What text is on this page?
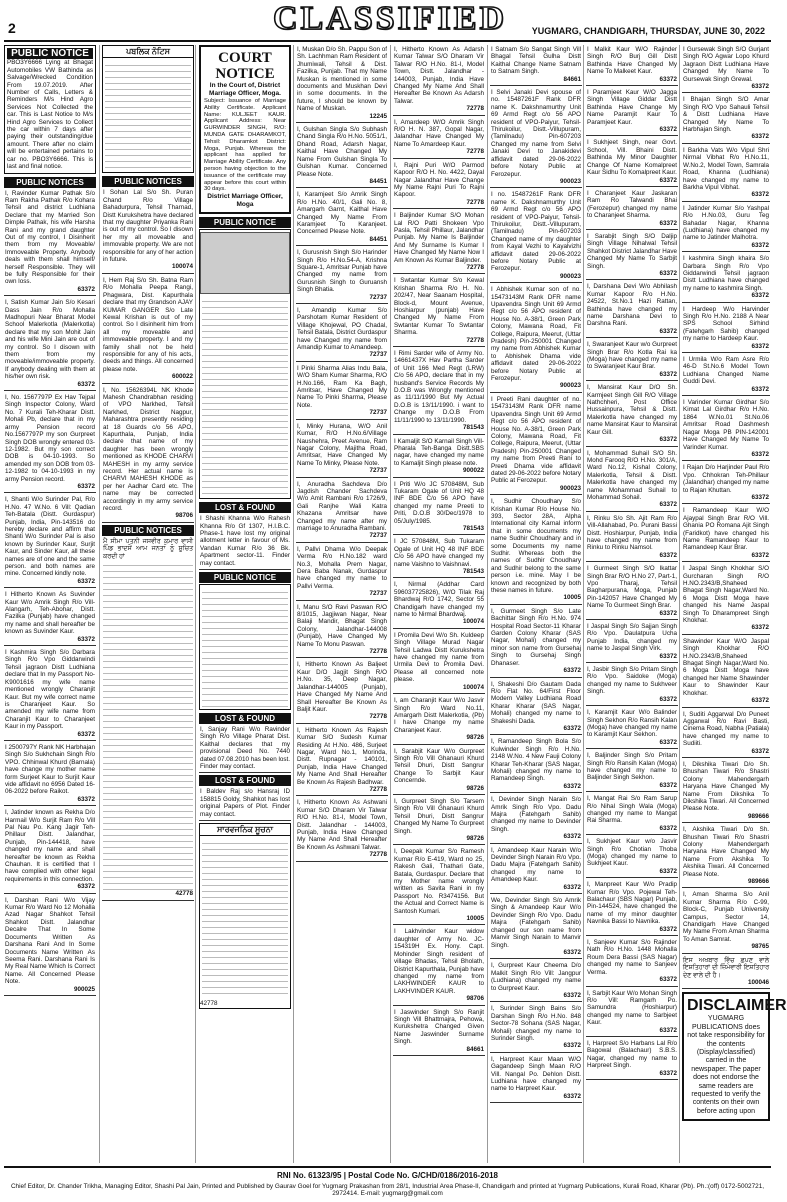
2	CLASSIFIED	YUGMARG, CHANDIGARH, THURSDAY, JUNE 30, 2022
PUBLIC NOTICE
PBO3Y6666 Lying at Bhagat Automobiles VW Bathinda as Salvage/Wrecked Condition From 19.07.2019. After Number of Calls, Letters & Reminders M/s Hind Agro Services Not Collected the car. This is Last Notice to M/s Hind Agro Services to Collect the car within 7 days after paying their outstanding/due amount. There after no claim will be entertained pertains to car no. PBO3Y6666. This is last and final notice.
PUBLIC NOTICES
I, Ravinder Kumar Pathak S/o Ram Rakha Pathak R/o Kohara Tehsil and district Ludhiana Declare that my Married Son Dimple Pathak, his wife Harsha Rani and my grand daughter Out of my control, I Disinherit them from my Moveable/ Immoveable Property. Anybody deals with them shall himself/ herself Responsible. They will be fully Responsible for their own loss.
63372
I, Satish Kumar Jain S/o Kesari Dass Jain R/o Mohalla Madhopuri Near Bharat Model School Malerkotla (Malerkotla) declare that my son Mohit Jain and his wife Mini Jain are out of my control. So I disown with them from my moveable/immoveable property. If anybody dealing with them at his/her own risk.
63372
I, No. 1567797P Ex Hav Tejpal Singh Inspector Colony, Ward No. 7 Kurali Teh-Kharar Distt. Mohali Pb, declare that in my army Pension record No.1567797P my son Gurpreet Singh DOB wrongly entered 03-12-1982. But my son correct DOB is 04-10-1993. So amended my son DOB from 03-12-1982 to 04-10-1993 in my army Pension record.
63372
I, Shanti W/o Surinder Pal, R/o H.No. 47 W.No. 6 Vill: Qadian Teh-Batala (Distt. Gurdaspur) Punjab, India, Pin-143516 do hereby declare and affirm that Shanti W/o Surinder Pal is also known by Surinder Kaur, Surjit Kaur, and Sinder Kaur, all these names are of one and the same person. and both names are mine. Concerned kindly note.
63372
I Hitherto Known As Suvinder Kaur W/o Amrik Singh R/o Vill-Alangarh, Teh-Abohar, Distt. Fazilka (Punjab) have changed my name and shall hereafter be known as Suvinder Kaur.
63372
I Kashmira Singh S/o Darbara Singh R/o Vpo Giddarwindi Tehsil jagraon Distt Ludhiana declare that In my Passport No-K9001616 my wife name mentioned wrongly Charanjit Kaur. But my wife correct name is Charanjeet Kaur. So amended my wife name from Charanjit Kaur to Charanjeet Kaur in my Passport.
63372
I 2500797Y Rank NK Harbhajan Singh S/o Sukhchain Singh R/o VPO. Chhinwal Khurd (Barnala) have change my mother name form Surjeet Kaur to Surjit Kaur vide affidavit no 6956 Dated 16-06-2022 before Raikot.
63372
I, Jatinder known as Rekha D/o Harmail W/o Surjit Ram R/o Vill Pal Nau Po. Kang Jagir Teh-Phillaur Distt. Jalandhar, Punjab, Pin-144418, have changed my name and shall hereafter be known as Rekha Chauhan. It is certified that I have complied with other legal requirements in this connection.
63372
I, Darshan Rani W/o Vijay Kumar R/o Ward No 12 Mohalla Azad Nagar Shahkot Tehsil Shahkot Distt. Jalandhar Decalre That In Some Documents Written As Darshana Rani And In Some Documents Name Written As Seema Rani. Darshana Rani Is My Real Name Which Is Correct Name. All Concerned Please Note.
900025
ਪਬਲਿਕ ਨੋਟਿਸ
PUBLIC NOTICES
I Sohan Lal S/o Sh. Puran Chand R/o Village Bahadurpura, Tehsil Tharnad, Distt Kurukshetra have declared that my daughter Priyanka Rani is out of my control. So I disown her my all moveable and immovable property. We are not responsible for any of her action in future.
100074
I, Hem Raj S/o Sh. Batna Ram R/o Mohalla Peepa Rangi, Phagwara, Dist. Kapurthala declare that my Grandson AJAY KUMAR GANGER S/o Late Kewal Krishan is out of my control. So I disinherit him from all my moveable and immoveable property. I and my family shall not be held responsible for any of his acts, deeds and things. All concerned please note.
600022
I, No. 15626394L NK Khode Mahesh Chandrabhan residing of VPO Narkhed, Tehsil Narkhed, District Nagpur, Maharashtra presently residing at 18 Guards c/o 56 APO, Kapurthala, Punjab, India declare that name of my daughter has been wrongly mentioned as KHODE CHARVI MAHESH in my army service record. Her actual name is CHARVI MAHESH KHODE as per her Aadhar Card etc. The name may be corrected accordingly in my army service record.
98706
PUBLIC NOTICES
ਮੈਂ ਸੀਮਾ ਪਤਨੀ ਜਸਵੀਰ ਕੁਮਾਰ ਵਾਸੀ ਪਿੰਡ ਭਾਦਸੋਂ ਆਮ ਜਨਤਾ ਨੂੰ ਸੂਚਿਤ ਕਰਦੀ ਹਾਂ
42778
COURT NOTICE
In the Court of, District Marriage Officer, Moga.
Subject: Issuance of Marriage Ability Certificate. Applicant Name: KULJEET KAUR. Applicant Address: Near GURWINDER SINGH, R/O: MUNDA GATE DHARAMKOT, Tehsil: Dharamkot District: Moga, Punjab. Whereas the applicant has applied for Marriage Ability Certificate. Any person having objection to the issuance of the certificate may appear before this court within 30 days.
District Marriage Officer, Moga
PUBLIC NOTICE
LOST & FOUND
I Shashi Khanna W/o Rahesh Khanna R/o Gf 1307, H.I.B.C. Phase-1 have lost my original allotment letter in favour of Ms. Vandan Kumar R/o 36 Bk. Apartment sector-11. Finder may contact.
PUBLIC NOTICE
LOST & FOUND
I, Sanjay Rani W/o Ravinder Singh R/o Village Pharat Dist. Kaithal declares that my provisional Deed No. 7440 dated 07.08.2010 has been lost. Finder may contact.
LOST & FOUND
I Baldev Raj s/o Hansraj ID 158815 Goldy, Shahkot has lost original Papers of Plot. Finder may contact.
ਸਾਰਵਜਨਿਕ ਸੂਚਨਾ
42778
I, Muskan D/o Sh. Pappu Son of Sh. Lachhman Ram Resident of Jhumiwali, Tehsil & Dist. Fazilka, Punjab. That my Name Muskan is mentioned in some documents and Muskhan Devi in some documents. In the future, I should be known by Name of Muskan.
12245
I, Gulshan Singla S/o Subhash Chand Singla R/o H.No. 5051/1, Dhand Road, Adarsh Nagar, Kaithal Have Changed My Name From Gulshan Singla To Gulshan Kumar. Concerned Please Note.
84451
I, Karamjeet S/o Amrik Singh R/o H.No. 40/1, Gali No. 8, Amargarh Garnt, Kaithal Have Changed My Name From Karamjeet To Karanjeet. Concerned Please Note.
84451
I, Gurusnish Singh S/o Harinder Singh R/o H.No.54-A, Krishna Square-1, Amritsar Punjab have Changed my name from Gurusnish Singh to Guruansh Singh Bhatia.
72737
I, Amandip Kumar S/o Parshotam Kumar Resident of Village Khojewal, PO Chadal, Tehsil Batala, District Gurdaspur have Changed my name from Amandip Kumar to Amandeep.
72737
I Pinki Sharma Alias Indu Bala, W/O Sham Kumar Sharma, R/O H.No.166, Ram Ka Bagh, Amritsar, Have Changed My Name To Pinki Sharma, Please Note.
72737
I, Minky Hurana, W/O Anil Kumar, R/O H.No.6/Village Naushehra, Preet Avenue, Ram Nagar Colony, Majitha Road, Amritsar, Have Changed My Name To Minky, Please Note.
72737
I, Anuradha Sachdeva D/o Jagdish Chander Sachdeva W/o Amit Rambani R/o 1726/9, Gali Ranjhe Wali Katra Khazana Amritsar have Changed my name after my marriage to Anuradha Rambani.
72737
I, Pallvi Dhama W/o Deepak Verma R/o H.No.182 ward No.3, Mohalla Prem Nagar, Dera Baba Nanak, Gurdaspur have changed my name to Pallvi Verma.
72737
I, Manu S/O Ravi Paswan R/O 8/1015, Jagjiwan Nagar, Near Balaji Mandir, Bhagat Singh Colony, Jalandhar-144008 (Punjab), Have Changed My Name To Monu Paswan.
72778
I, Hitherto Known As Baljeet Kaur D/O Jagjit Singh R/O H.No. 35, Deep Nagar, Jalandhar-144005 (Punjab), Have Changed My Name And Shall Hereafter Be Known As Baljit Kaur.
72778
I, Hitherto Known As Rajesh Kumar S/O Sudesh Kumar Residing At H.No. 486, Surjeet Nagar, Ward No.1, Morinda, Distt. Rupnagar - 140101, Punjab, India Have Changed My Name And Shall Hereafter Be Known As Rajesh Badhwar.
72778
I, Hitherto Known As Ashwani Kumar S/O Dharam Vir Talwar R/O H.No. 81-I, Model Town, Distt. Jalandhar - 144003, Punjab, India Have Changed My Name And Shall Hereafter Be Known As Ashwani Talwar.
72778
I, Hitherto Known As Adarsh Kumar Talwar S/O Dharam Vir Talwar R/O H.No. 81-I, Model Town, Distt. Jalandhar - 144003, Punjab, India Have Changed My Name And Shall Hereafter Be Known As Adarsh Talwar.
72778
I, Amardeep W/O Amrik Singh R/O H. N. 387, Gopal Nagar, Jalandhar Have Changed My Name To Amardeep Kaur.
72778
I, Rajni Puri W/O Parmod Kapoor R/O H. No. 4422, Dayal Nagar Jalandhar Have Change My Name Rajni Puri To Rajni Kapoor.
72778
I Baljinder Kumar S/O Mohan Lal R/O Patti Shokeen Vpo Pasla, Tehsil Phillaur, Jalandhar Punjab. My Name Is Baljinder And My Surname Is Kumar I Have Changed My Name Now I Am Known As Kumar Baljinder.
72778
I Swtantar Kumar S/o Kewal Krishan Sharma R/o H. No. 202/47, Near Saanam Hospital, Block-d, Mount Avenue, Hoshiarpur (punjab) Have Changed My Name From Swtantar Kumar To Swtantar Sharma.
72778
I Rimi Sarder wife of Army No. 14661437X Hav Partha Sarder of Unit 166 Med Regt (LRW) C/o 56 APO, declare that in my husband's Service Records My D.O.B was Wrongly mentioned as 11/11/1990 But My Actual D.O.B is 13/11/1990. i want to Change my D.O.B From 11/11/1990 to 13/11/1990.
781543
I Kamaljit S/O Karnail Singh Vill-Pharala Teh-Banga Distt.SBS nagar, have changed my name to Kamaljit Singh please note.
900022
I Priti W/o JC 570848M, Sub Tukaram Ogale of Unit HQ 48 INF BDE C/o 56 APO have changed my name Preeti to Priti, D.O.B 30/Dec/1978 to 05/July/1985.
781543
I JC 570848M, Sub Tukaram Ogale of Unit HQ 48 INF BDE C/o 56 APO have changed my name Vaishno to Vaishnavi.
781543
I, Nirmal (Addhar Card 596037725826), W/O Tilak Raj Bhardwaj R/O 1742, Sector 55 Chandigarh have changed my name to Nirmal Bhardwaj.
100074
I Promila Devi W/o Sh. Kuldeep Singh Village Murad Nagar Tehsil Ladwa Distt Kurukshetra have changed my name from Urmila Devi to Promila Devi. Please all concerned note please.
100074
I, am Charanjit Kaur W/o Jasvir Singh R/o Ward No.11, Amargarh Distt Malerkotla, (Pb) I have Change my name Charanjeet Kaur.
98726
I, Sarabjit Kaur W/o Gurpreet Singh R/o Vill Ghanauri Khurd Tehsil Dhuri, Distt Sangrur Change To Sarbjit Kaur Concernde.
98726
I, Gurpreet Singh S/o Tarsem Singh R/o Vill Ghanauri Khurd Tehsil Dhuri, Distt Sangrur Changed My Name To Gurpreet Singh.
98726
I, Deepak Kumar S/o Ramesh Kumar R/o E-419, Ward no 25, Rakesh Gali, Thathari Gate, Batala, Gurdaspur. Declare that my Mother name wrongly written as Savita Rani in my Passport No. R3474156. But the Actual and Correct Name is Santosh Kumari.
10005
I Lakhvinder Kaur widow daughter of Army No. JC-154319H Ex. Hony. Capt. Mohinder Singh resident of village Bhadas, Tehsil Bholath, District Kapurthala, Punjab have changed my name from LAKHWINDER KAUR to LAKHVINDER KAUR.
98706
I Jaswinder Singh S/o Ranjit Singh Vill Bhattmajra, Pehowa, Kurukshetra Changed Given Name Jaswinder Surname Singh.
84661
I Satnam S/o Sangat Singh Vill Bhagal Tehsil Gulha Distt Kaithal Change Name Satnam to Satnam Singh.
84661
I Selvi Janaki Devi spouse of no. 15487261F Rank DFR name K. Dakshnamurthy Unit 69 Armd Regt c/o 56 APO resident of VPO-Paiyur, Tehsil-Thirukoilur, Distt.-Villupuram, (Tamilnadu) Pin-607203 Changed my name from Selvi Janaki Devi to Janakidevi affidavit dated 29-06-2022 before Notary Public at Ferozepur.
900023
I no. 15487261F Rank DFR name K. Dakshnamurthy Unit 69 Armd Regt c/o 56 APO resident of VPO-Paiyur, Tehsil-Thirukoilur, Distt.-Villupuram, (Tamilnadu) Pin-607203 Changed name of my daughter from Kayal Vezhi to Kayalvizhi affidavit dated 29-06-2022 before Notary Public at Ferozepur.
900023
I Abhishek Kumar son of no. 15473143M Rank DFR name Upavendra Singh Unit 69 Armd Regt c/o 56 APO resident of House No. A-38/1, Green Park Colony, Mawana Road, Fit College, Raipura, Meerut, (Uttar Pradesh) Pin-250001 Changed my name from Abhishek Kumar to Abhishek Dhama vide affidavit dated 29-06-2022 before Notary Public at Ferozepur.
900023
I Preeti Rani daughter of no. 15473143M Rank DFR name Upavendra Singh Unit 69 Armd Regt c/o 56 APO resident of House No. A-38/1, Green Park Colony, Mawana Road, Fit College, Raipura, Meerut, (Uttar Pradesh) Pin-250001 Changed my name from Preeti Rani to Preeti Dhama vide affidavit dated 29-06-2022 before Notary Public at Ferozepur.
900023
I, Sudhir Choudhary S/o Krishan Kumar R/o House No. 393, Sector 28A, Alpha International city Karnal inform that in some documents my name Sudhir Choudhary and in some Documents my name Sudhir. Whereas both the names of Sudhir Choudhary and Sudhir belong to the same person i.e. mine. May I be known and recognized by both these names in future.
10005
I, Gurmeet Singh S/o Late Bachittar Singh R/o H.No. 974 Hospital Road Sector-11 Kharar Garden Colony Kharar (SAS Nagar, Mohali) changed my minor son name from Gursehaj Singh to Gursehaj Singh Dhanaser.
63372
I, Shakeshi D/o Gautam Dada R/o Flat No. 64/First Floor Modern Valley Ludhiana Road Kharar Kharar (SAS Nagar, Mohali) changed my name to Shakeshi Dada.
63372
I, Ramandeep Singh Bola S/o Kulwinder Singh R/o H.No. 2148 W.No. 4 New Fauji Colony Kharar Teh-Kharar (SAS Nagar, Mohali) changed my name to Ramandeep Singh.
63372
I, Devinder Singh Narain S/o Amrik Singh R/o Vpo. Dadu Majra (Fatehgarh Sahib) changed my name to Devinder Singh.
63372
I, Amandeep Kaur Narain W/o Devinder Singh Narain R/o Vpo. Dadu Majra (Fatehgarh Sahib) changed my name to Amandeep Kaur.
63372
We, Devinder Singh S/o Amrik Singh & Amandeep Kaur W/o Devinder Singh R/o Vpo. Dadu Majra (Fatehgarh Sahib) changed our son name from Manvir Singh Narain to Manvir Singh.
63372
I, Gurpreet Kaur Cheema D/o Malkit Singh R/o Vill: Jangpur (Ludhiana) changed my name to Gurpreet Kaur.
63372
I, Surinder Singh Bains S/o Darshan Singh R/o H.No. 848 Sector-78 Sohana (SAS Nagar, Mohali) changed my name to Surinder Singh.
63372
I, Harpreet Kaur Maan W/O Gagandeep Singh Maan R/O Vill. Nangal Po. Dehlon Distt. Ludhiana have changed my name to Harpreet Kaur.
63372
I Malkit Kaur W/O Rajinder Singh R/O Burj Gill Distt Bathinda Have Changed My Name To Malkeet Kaur.
63372
I Paramjeet Kaur W/O Jagga Singh Village Giddar Distt Bathinda Have Change My Name Paramjit Kaur To Paramjeet Kaur.
63372
I Sukhjeet Singh, near Govt. School, Vill. Bhaini Distt. Bathinda My Minor Daughter Change Of Name Komalpreet Kaur Sidhu To Komalpreet Kaur.
63372
I Charanjeet Kaur Jaskaran Ram Ro Talwandi Bhai (Ferozepur) changed my name to Charanjeet Sharma.
63372
I Sarabjit Singh S/O Daljip Singh Village Nihalwal Tehsil Shahkot District Jalandhar Have Changed My Name To Sarbjit Singh.
63372
I, Darshana Devi W/o Abhilash Kumar Kapoor R/o H.No. 24522, St.No.1 Hazi Rattan, Bathinda have changed my name Darshana Devi to Darshna Rani.
63372
I, Swaranjeet Kaur w/o Gurpreet Singh Brar R/o Kotla Rai ka (Moga) have changed my name to Swaranjeet Kaur Brar.
63372
I, Mansirat Kaur D/O Sh. Karmjeet Singh Gill R/O Village Nathchheri, Post Office Hussainpura, Tehsil & Distt. Malerkotla have changed my name Mansirat Kaur to Mansirat Kaur Gill.
63372
I, Mohammad Suhail S/O Sh. Mohd Farooq R/O H.No. 301/A, Ward No.12, Kishal Colony, Malerkotla, Tehsil & Distt. Malerkotla have changed my name Mohammad Suhail to Mohammad Sohail.
63372
I, Rinku S/o Sh. Ajit Ram R/o Vill-Allahabad, Po. Purani Bassi Distt. Hoshiarpur, Punjab, India have changed my name from Rinku to Rinku Namsol.
63372
I Gurmeet Singh S/O Ikattar Singh Brar R/O H.No 27, Part-1, Vpo Tharaj, Tehsil Bagharpurana, Moga, Punjab Pin-142057 Have Changed My Name To Gurmeet Singh Brar.
63372
I Jaspal Singh S/o Sajjan Singh R/o Vpo. Daulatpura Ucha Punjab India, changed my name to Jaspal Singh Virk.
63372
I, Jasbir Singh S/o Pritam Singh R/o Vpo. Saidoke (Moga) changed my name to Sukhveer Singh.
63372
I, Karamjit Kaur W/o Balinder Singh Sekhon R/o Ransih Kalan (Moga) have changed my name to Karamjit Kaur Sekhon.
63372
I, Baljinder Singh S/o Pritam Singh R/o Ransih Kalan (Moga) have changed my name to Baljinder Singh Sekhon.
63372
I, Mangat Rai S/o Ram Sarup R/o Nihal Singh Wala (Moga) changed my name to Mangat Rai Sharma.
63372
I, Sukhjeet Kaur w/o Jasvir Singh R/o Chotian Thoba (Moga) changed my name to Sukhjeet Kaur.
63372
I, Manpreet Kaur W/o Pradip Kumar R/o Vpo. Pojewal Teh-Balachaur (SBS Nagar) Punjab, Pin-144524, have changed the name of my minor daughter Navnika Bassi to Navnika.
63372
I, Sanjeev Kumar S/o Rajinder Nath R/o H.No. 1448 Mohalla Roum Dera Bassi (SAS Nagar) changed my name to Sanjeev Verma.
63372
I, Sarbjit Kaur W/o Mohan Singh R/o Vill: Ramgarh Po. Samundra (Hoshiarpur) changed my name to Sarbjeet Kaur.
63372
I, Harpreet S/o Harbans Lal R/o Bagowal (Balachaur) S.B.S. Nagar, changed my name to Harpreet Singh.
63372
I Gursewak Singh S/O Gurjant Singh R/O Agwar Lopo Khurd Jagraon Distt Ludhiana Have Changed My Name To Gursewak Singh Grewal.
63372
I Bhajan Singh S/O Amar Singh R/O Vpo Sahauli Tehsil & Distt Ludhiana Have Changed My Name To Harbhajan Singh.
63372
I Barkha Vats W/o Vipul Shri Nirmal Vibhat R/o H.No.11, W.No.2, Model Town, Samrala Road, Khanna (Ludhiana) have changed my name to Barkha Vipul Vibhat.
63372
I Jatinder Kumar S/o Yashpal R/o H.No.03, Guru Teg Bahadar Nagar, Khanna (Ludhiana) have changed my name to Jatinder Malhotra.
63372
I kashmira Singh khaira S/o Darbara Singh R/o Vpo Giddarwindi Tehsil jagraon Distt Ludhiana have changed my name to kashmira Singh.
63372
I Hardeep W/o Harvinder Singh R/o H.No. 2188 A Near SPS School Sirhind (Fatehgarh Sahib) changed my name to Hardeep Kaur.
63372
I Urmila W/o Ram Asre R/o 46-D St.No.6 Model Town Ludhiana Changed Name Guddi Devi.
63372
I Varinder Kumar Girdhar S/o Kimat Lal Girdhar R/o H.No. 1864 W.No.01 St.No.06 Amritsar Road Dashmesh Nagar Moga PB PIN-142001 Have Changed My Name To Varinder Kumar.
63372
I Rajan D/o Harjinder Paul R/o Vpo. Chhokran Teh-Phillaur (Jalandhar) changed my name to Rajan Khuttan.
63372
I Ramandeep Kaur W/O Ajaypal Singh Brar R/O Vill. Ghania PO Romana Ajit Singh (Faridkot) have changed his Name Ramandeep Kaur to Ramandeep Kaur Brar.
63372
I Jaspal Singh Khokhar S/O Gurcharan Singh R/O H.NO.2343/B,Shaheed Bhagat Singh Nagar,Ward No. 6 Moga Distt Moga have changed his Name Jaspal Singh To Dharampreet Singh Khokhar.
63372
Shawinder Kaur W/O Jaspal Singh Khokhar R/O H.NO.2343/B,Shaheed Bhagat Singh Nagar,Ward No. 6 Moga Distt Moga have changed her Name Shawinder Kaur to Shawinder Kaur Khokhar.
63372
I, Suditi Aggarwal D/o Puneet Aggarwal R/o Ravi Basti, Cinema Road, Nabha (Patiala) have changed my name to Sudiiti.
63372
I, Dikshika Tiwari D/o Sh. Bhushan Tiwari R/o Shastri Colony Mahendergarh Haryana Have Changed My Name From Dikshika To Dikshika Tiwari. All Concerned Please Note.
989666
I, Akshika Tiwari D/o Sh. Bhushan Tiwari R/o Shastri Colony Mahendergarh Haryana Have Changed My Name From Akshika To Akshika Tiwari. All Concerned Please Note.
989666
I, Aman Sharma S/o Anil Kumar Sharma R/o C-99, Block-C, Punjab University Campus, Sector 14, Chandigarh Have Changed My Name From Aman Sharma To Aman Samrat.
98765
ਇਸ ਅਖਬਾਰ ਵਿੱਚ ਛਪਣ ਵਾਲੇ ਇਸ਼ਤਿਹਾਰਾਂ ਦੀ ਜ਼ਿੰਮੇਵਾਰੀ ਇਸ਼ਤਿਹਾਰ ਦੇਣ ਵਾਲੇ ਦੀ ਹੈ।
100046
DISCLAIMER
YUGMARG PUBLICATIONS does not take responsibility for the contents (Display/classified) carried in the newspaper. The paper does not endorse the same readers are requested to verify the contents on their own before acting upon
RNI No. 61323/95 | Postal Code No. G/CHD/0186/2016-2018
Chief Editor, Dr. Chander Trikha, Managing Editor, Shashi Pal Jain, Printed and Published by Gaurav Goel for Yugmarg Prakashan from 28/1, Industrial Area Phase-II, Chandigarh and printed at Yugmarg Publications, Kurali Road, Kharar (Pb). Ph.:(off) 0172-5002721, 2972414. E-mail: yugmarg@gmail.com
